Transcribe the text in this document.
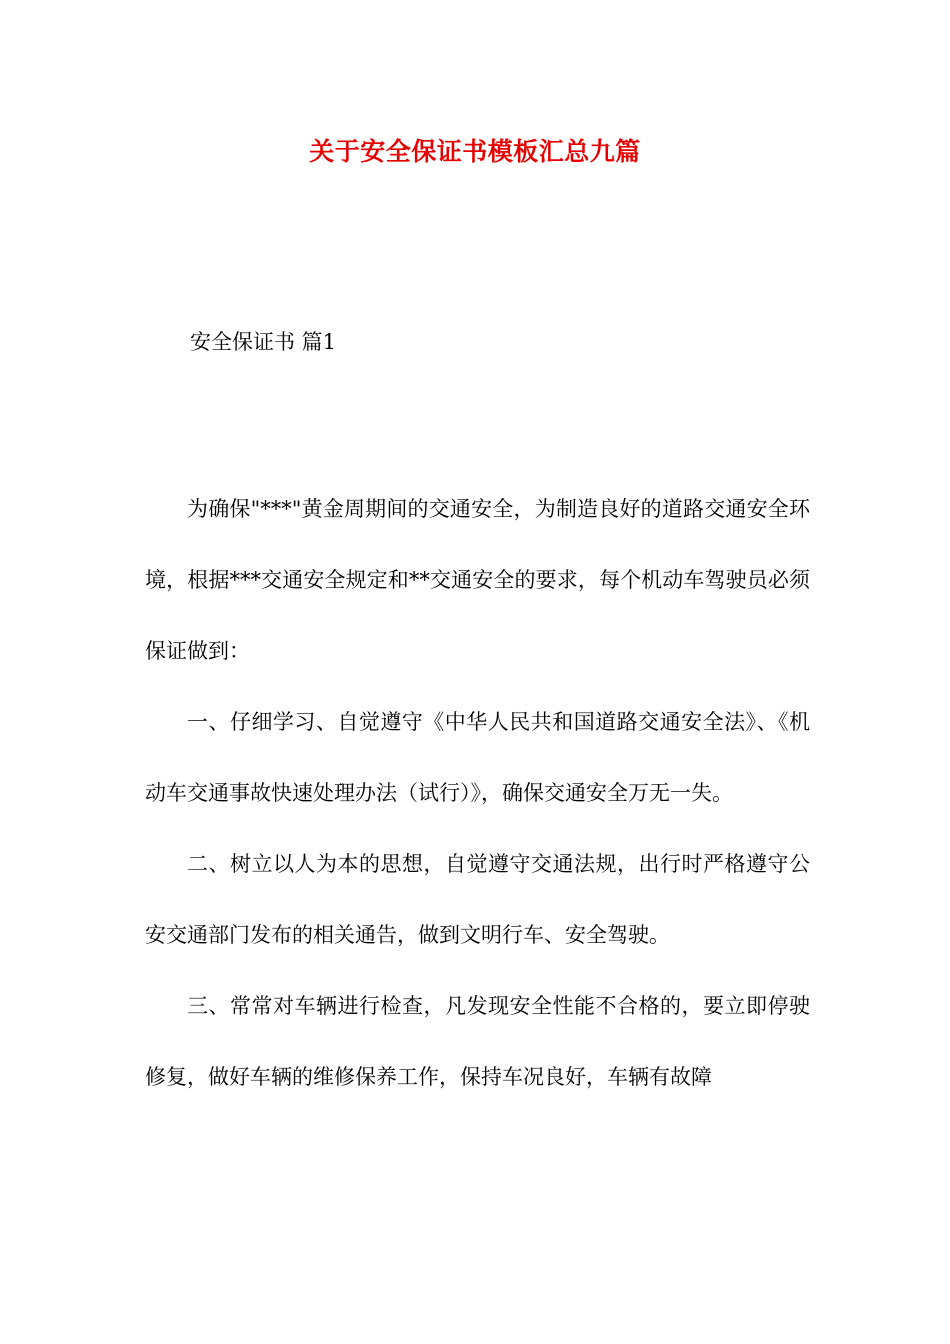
关于安全保证书模板汇总九篇
安全保证书 篇1

为确保"***"黄金周期间的交通安全，为制造良好的道路交通安全环境，根据***交通安全规定和**交通安全的要求，每个机动车驾驶员必须保证做到：

一、仔细学习、自觉遵守《中华人民共和国道路交通安全法》、《机动车交通事故快速处理办法（试行）》，确保交通安全万无一失。

二、树立以人为本的思想，自觉遵守交通法规，出行时严格遵守公安交通部门发布的相关通告，做到文明行车、安全驾驶。

三、常常对车辆进行检查，凡发现安全性能不合格的，要立即停驶修复，做好车辆的维修保养工作，保持车况良好，车辆有故障
